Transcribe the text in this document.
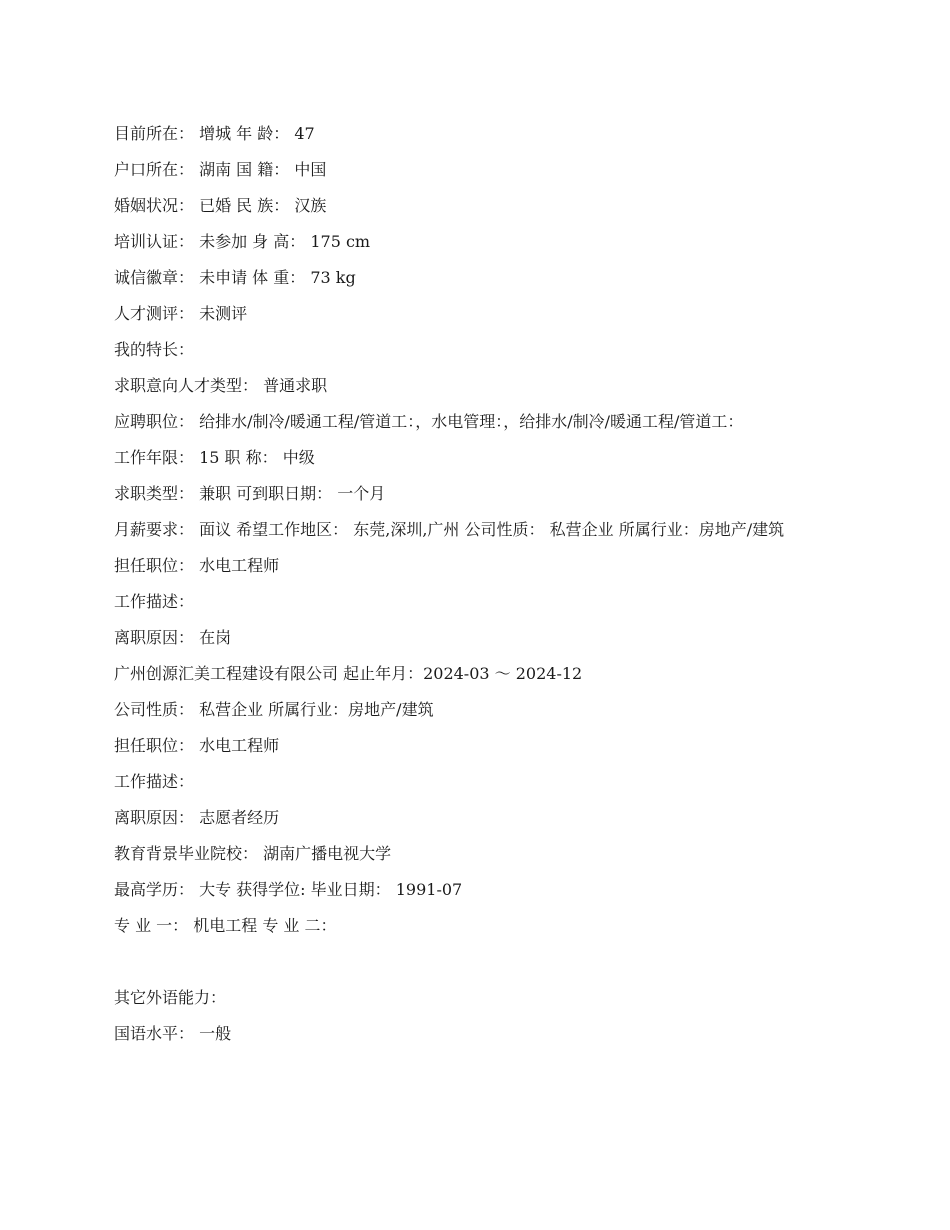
目前所在： 增城 年 龄： 47
户口所在： 湖南 国 籍： 中国
婚姻状况： 已婚 民 族： 汉族
培训认证： 未参加 身 高： 175 cm
诚信徽章： 未申请 体 重： 73 kg
人才测评： 未测评
我的特长：
求职意向人才类型： 普通求职
应聘职位： 给排水/制冷/暖通工程/管道工：，水电管理：，给排水/制冷/暖通工程/管道工：
工作年限： 15 职 称： 中级
求职类型： 兼职 可到职日期： 一个月
月薪要求： 面议 希望工作地区： 东莞,深圳,广州 公司性质： 私营企业 所属行业：房地产/建筑
担任职位： 水电工程师
工作描述：
离职原因： 在岗
广州创源汇美工程建设有限公司 起止年月：2024-03 ～ 2024-12
公司性质： 私营企业 所属行业：房地产/建筑
担任职位： 水电工程师
工作描述：
离职原因： 志愿者经历
教育背景毕业院校： 湖南广播电视大学
最高学历： 大专 获得学位: 毕业日期： 1991-07
专 业 一： 机电工程 专 业 二：
其它外语能力：
国语水平： 一般
